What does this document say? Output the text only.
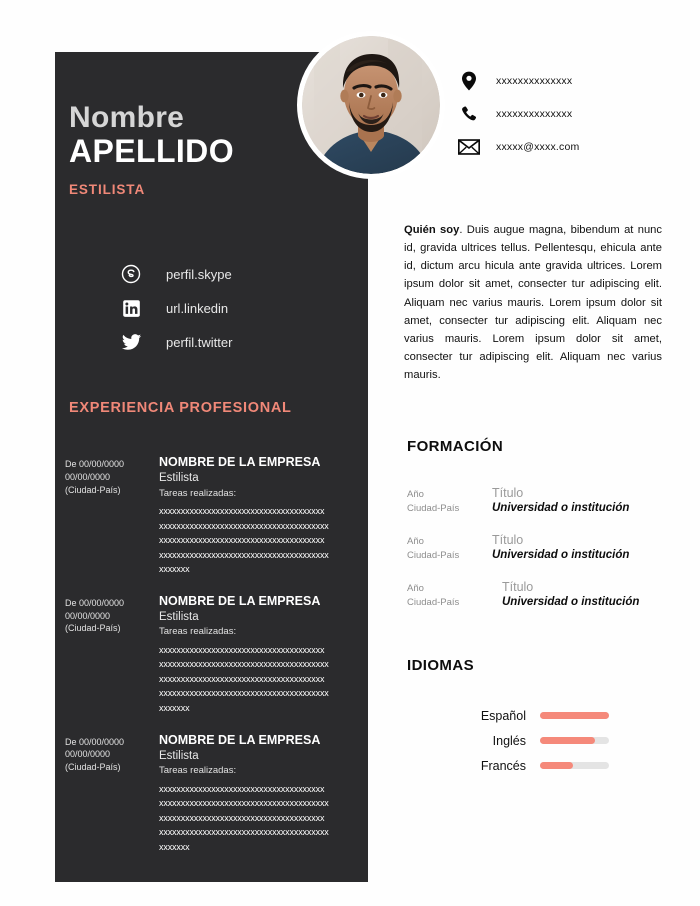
Nombre
APELLIDO
ESTILISTA
perfil.skype
url.linkedin
perfil.twitter
EXPERIENCIA PROFESIONAL
De 00/00/0000
00/00/0000
(Ciudad-País)
NOMBRE DE LA EMPRESA
Estilista
Tareas realizadas:
xxxxxxxxxxxxxxxxxxxxxxxxxxxxxxxxxxxxxx
xxxxxxxxxxxxxxxxxxxxxxxxxxxxxxxxxxxxxxx
xxxxxxxxxxxxxxxxxxxxxxxxxxxxxxxxxxxxxx
xxxxxxxxxxxxxxxxxxxxxxxxxxxxxxxxxxxxxxx
xxxxxxx
De 00/00/0000
00/00/0000
(Ciudad-País)
NOMBRE DE LA EMPRESA
Estilista
Tareas realizadas:
xxxxxxxxxxxxxxxxxxxxxxxxxxxxxxxxxxxxxx
xxxxxxxxxxxxxxxxxxxxxxxxxxxxxxxxxxxxxxx
xxxxxxxxxxxxxxxxxxxxxxxxxxxxxxxxxxxxxx
xxxxxxxxxxxxxxxxxxxxxxxxxxxxxxxxxxxxxxx
xxxxxxx
De 00/00/0000
00/00/0000
(Ciudad-País)
NOMBRE DE LA EMPRESA
Estilista
Tareas realizadas:
xxxxxxxxxxxxxxxxxxxxxxxxxxxxxxxxxxxxxx
xxxxxxxxxxxxxxxxxxxxxxxxxxxxxxxxxxxxxxx
xxxxxxxxxxxxxxxxxxxxxxxxxxxxxxxxxxxxxx
xxxxxxxxxxxxxxxxxxxxxxxxxxxxxxxxxxxxxxx
xxxxxxx
xxxxxxxxxxxxxx
xxxxxxxxxxxxxx
xxxxx@xxxx.com
Quién soy. Duis augue magna, bibendum at nunc id, gravida ultrices tellus. Pellentesqu, ehicula ante id, dictum arcu hicula ante gravida ultrices. Lorem ipsum dolor sit amet, consecter tur adipiscing elit. Aliquam nec varius mauris. Lorem ipsum dolor sit amet, consecter tur adipiscing elit. Aliquam nec varius mauris. Lorem ipsum dolor sit amet, consecter tur adipiscing elit. Aliquam nec varius mauris.
FORMACIÓN
Año
Ciudad-País
Título
Universidad o institución
Año
Ciudad-País
Título
Universidad o institución
Año
Ciudad-País
Título
Universidad o institución
IDIOMAS
Español
Inglés
Francés
